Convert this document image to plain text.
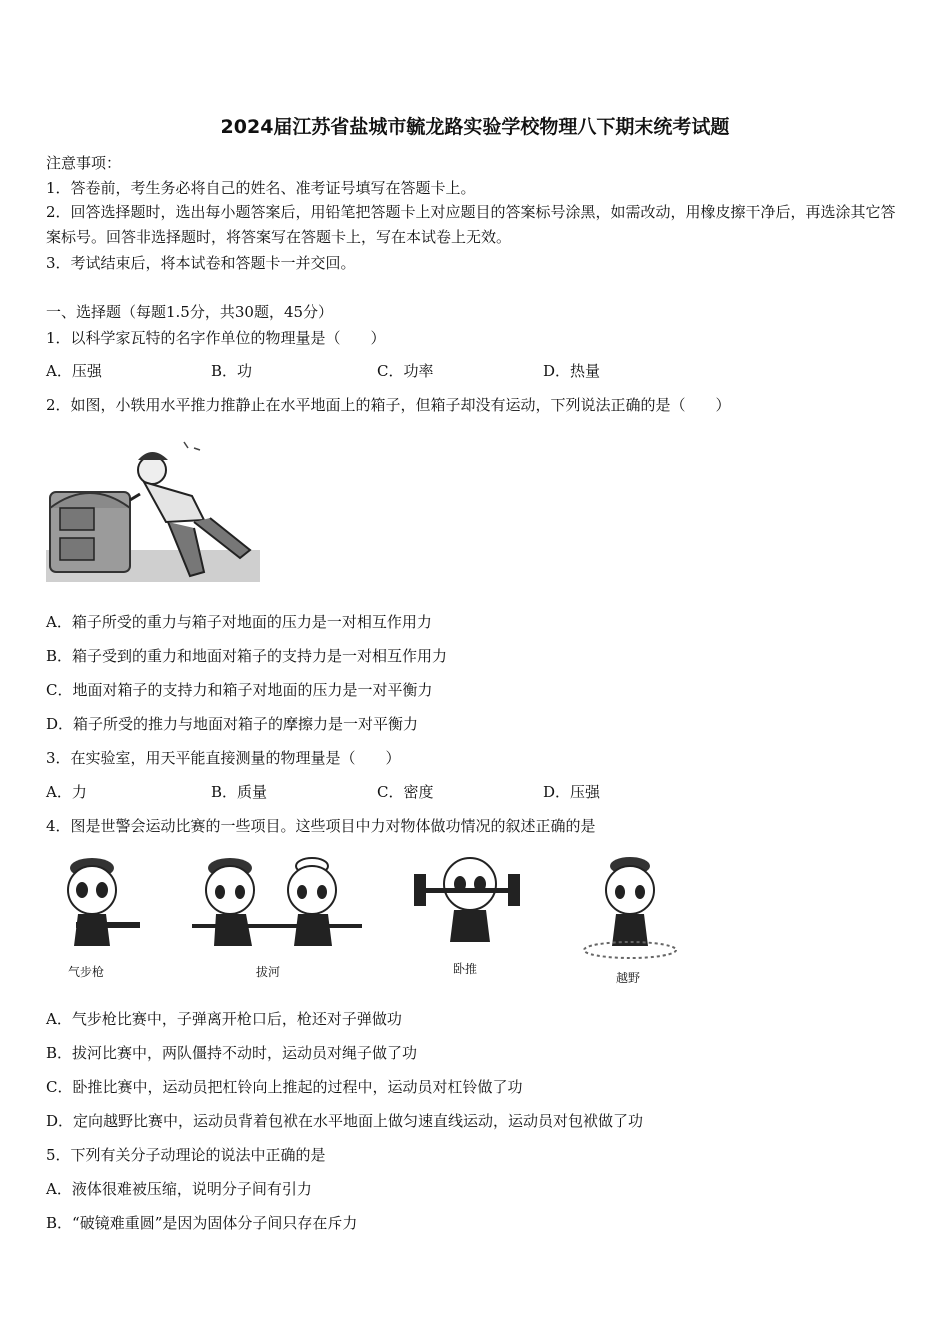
2024届江苏省盐城市毓龙路实验学校物理八下期末统考试题
注意事项：
1．答卷前，考生务必将自己的姓名、准考证号填写在答题卡上。
2．回答选择题时，选出每小题答案后，用铅笔把答题卡上对应题目的答案标号涂黑，如需改动，用橡皮擦干净后，再选涂其它答案标号。回答非选择题时，将答案写在答题卡上，写在本试卷上无效。
3．考试结束后，将本试卷和答题卡一并交回。
一、选择题（每题1.5分，共30题，45分）
1．以科学家瓦特的名字作单位的物理量是（　　）
A．压强	B．功	C．功率	D．热量
2．如图，小轶用水平推力推静止在水平地面上的箱子，但箱子却没有运动，下列说法正确的是（　　）
A．箱子所受的重力与箱子对地面的压力是一对相互作用力
B．箱子受到的重力和地面对箱子的支持力是一对相互作用力
C．地面对箱子的支持力和箱子对地面的压力是一对平衡力
D．箱子所受的推力与地面对箱子的摩擦力是一对平衡力
3．在实验室，用天平能直接测量的物理量是（　　）
A．力	B．质量	C．密度	D．压强
4．图是世警会运动比赛的一些项目。这些项目中力对物体做功情况的叙述正确的是
气步枪	拔河	卧推
越野
A．气步枪比赛中，子弹离开枪口后，枪还对子弹做功
B．拔河比赛中，两队僵持不动时，运动员对绳子做了功
C．卧推比赛中，运动员把杠铃向上推起的过程中，运动员对杠铃做了功
D．定向越野比赛中，运动员背着包袱在水平地面上做匀速直线运动，运动员对包袱做了功
5．下列有关分子动理论的说法中正确的是
A．液体很难被压缩，说明分子间有引力
B．“破镜难重圆”是因为固体分子间只存在斥力
